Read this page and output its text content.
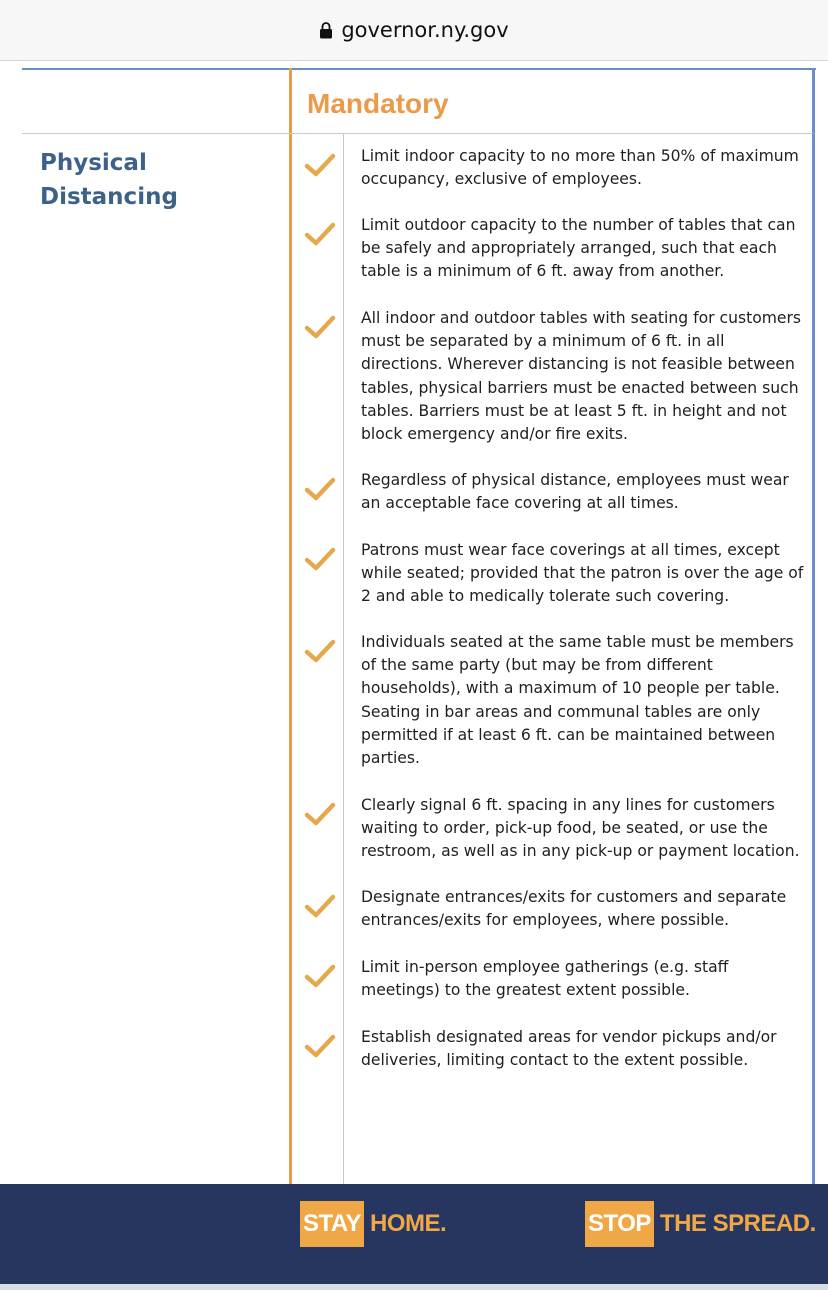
governor.ny.gov
Mandatory
Physical Distancing
Limit indoor capacity to no more than 50% of maximum occupancy, exclusive of employees.
Limit outdoor capacity to the number of tables that can be safely and appropriately arranged, such that each table is a minimum of 6 ft. away from another.
All indoor and outdoor tables with seating for customers must be separated by a minimum of 6 ft. in all directions. Wherever distancing is not feasible between tables, physical barriers must be enacted between such tables. Barriers must be at least 5 ft. in height and not block emergency and/or fire exits.
Regardless of physical distance, employees must wear an acceptable face covering at all times.
Patrons must wear face coverings at all times, except while seated; provided that the patron is over the age of 2 and able to medically tolerate such covering.
Individuals seated at the same table must be members of the same party (but may be from different households), with a maximum of 10 people per table. Seating in bar areas and communal tables are only permitted if at least 6 ft. can be maintained between parties.
Clearly signal 6 ft. spacing in any lines for customers waiting to order, pick-up food, be seated, or use the restroom, as well as in any pick-up or payment location.
Designate entrances/exits for customers and separate entrances/exits for employees, where possible.
Limit in-person employee gatherings (e.g. staff meetings) to the greatest extent possible.
Establish designated areas for vendor pickups and/or deliveries, limiting contact to the extent possible.
STAY HOME.	STOP THE SPREAD.
